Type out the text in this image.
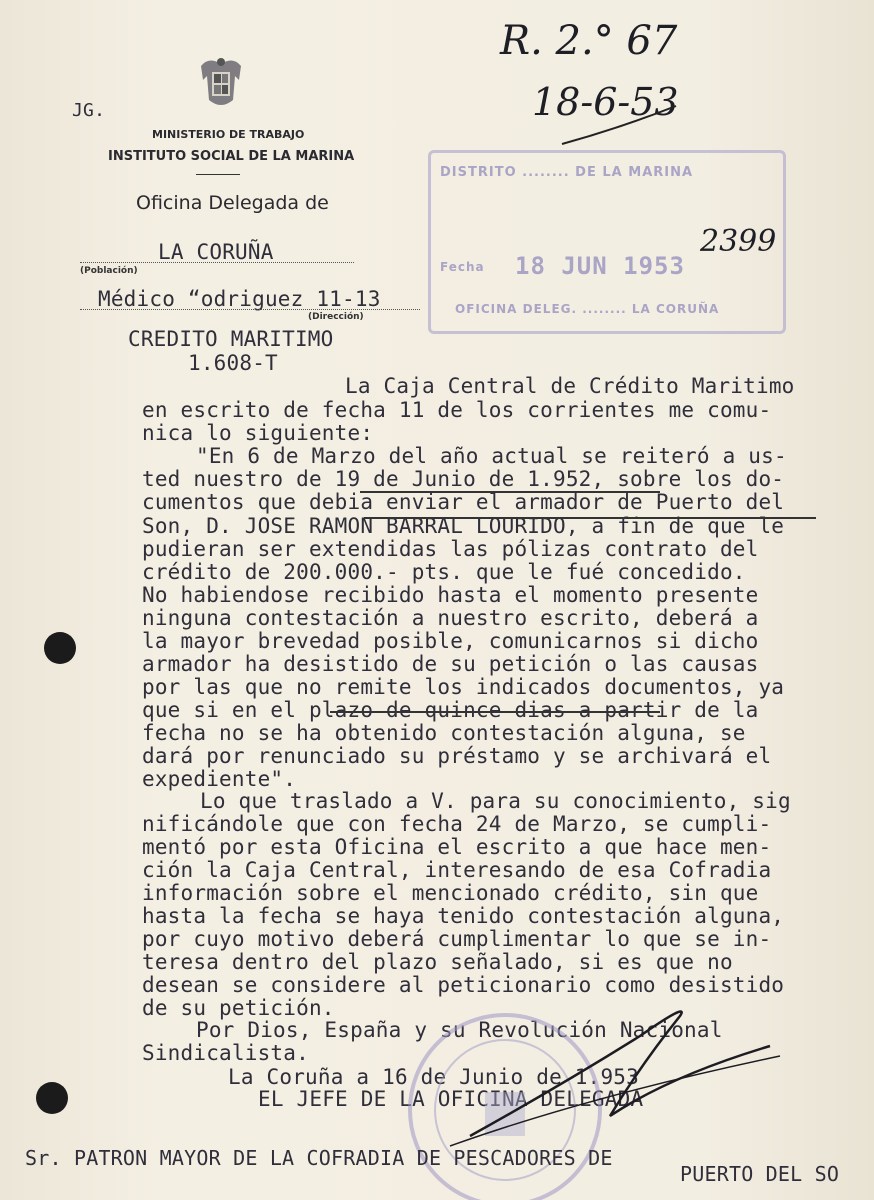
DISTRITO ........ DE LA MARINA
Fecha 18 JUN 1953
OFICINA DELEG. ........ LA CORUÑA
JG.
MINISTERIO DE TRABAJO
INSTITUTO SOCIAL DE LA MARINA
Oficina Delegada de
LA CORUÑA
(Población)
Médico “odriguez 11-13
(Dirección)
R. 2.° 67
18-6-53
2399
CREDITO MARITIMO
1.608-T
La Caja Central de Crédito Maritimo
en escrito de fecha 11 de los corrientes me comu-
nica lo siguiente:
"En 6 de Marzo del año actual se reiteró a us-
ted nuestro de 19 de Junio de 1.952, sobre los do-
cumentos que debia enviar el armador de Puerto del
Son, D. JOSE RAMON BARRAL LOURIDO, a fin de que le
pudieran ser extendidas las pólizas contrato del
crédito de 200.000.- pts. que le fué concedido.
No habiendose recibido hasta el momento presente
ninguna contestación a nuestro escrito, deberá a
la mayor brevedad posible, comunicarnos si dicho
armador ha desistido de su petición o las causas
por las que no remite los indicados documentos, ya
que si en el plazo de quince dias a partir de la
fecha no se ha obtenido contestación alguna, se
dará por renunciado su préstamo y se archivará el
expediente".
Lo que traslado a V. para su conocimiento, sig
nificándole que con fecha 24 de Marzo, se cumpli-
mentó por esta Oficina el escrito a que hace men-
ción la Caja Central, interesando de esa Cofradia
información sobre el mencionado crédito, sin que
hasta la fecha se haya tenido contestación alguna,
por cuyo motivo deberá cumplimentar lo que se in-
teresa dentro del plazo señalado, si es que no
desean se considere al peticionario como desistido
de su petición.
Por Dios, España y su Revolución Nacional
Sindicalista.
La Coruña a 16 de Junio de 1.953
EL JEFE DE LA OFICINA DELEGADA
Sr. PATRON MAYOR DE LA COFRADIA DE PESCADORES DE
PUERTO DEL SO
